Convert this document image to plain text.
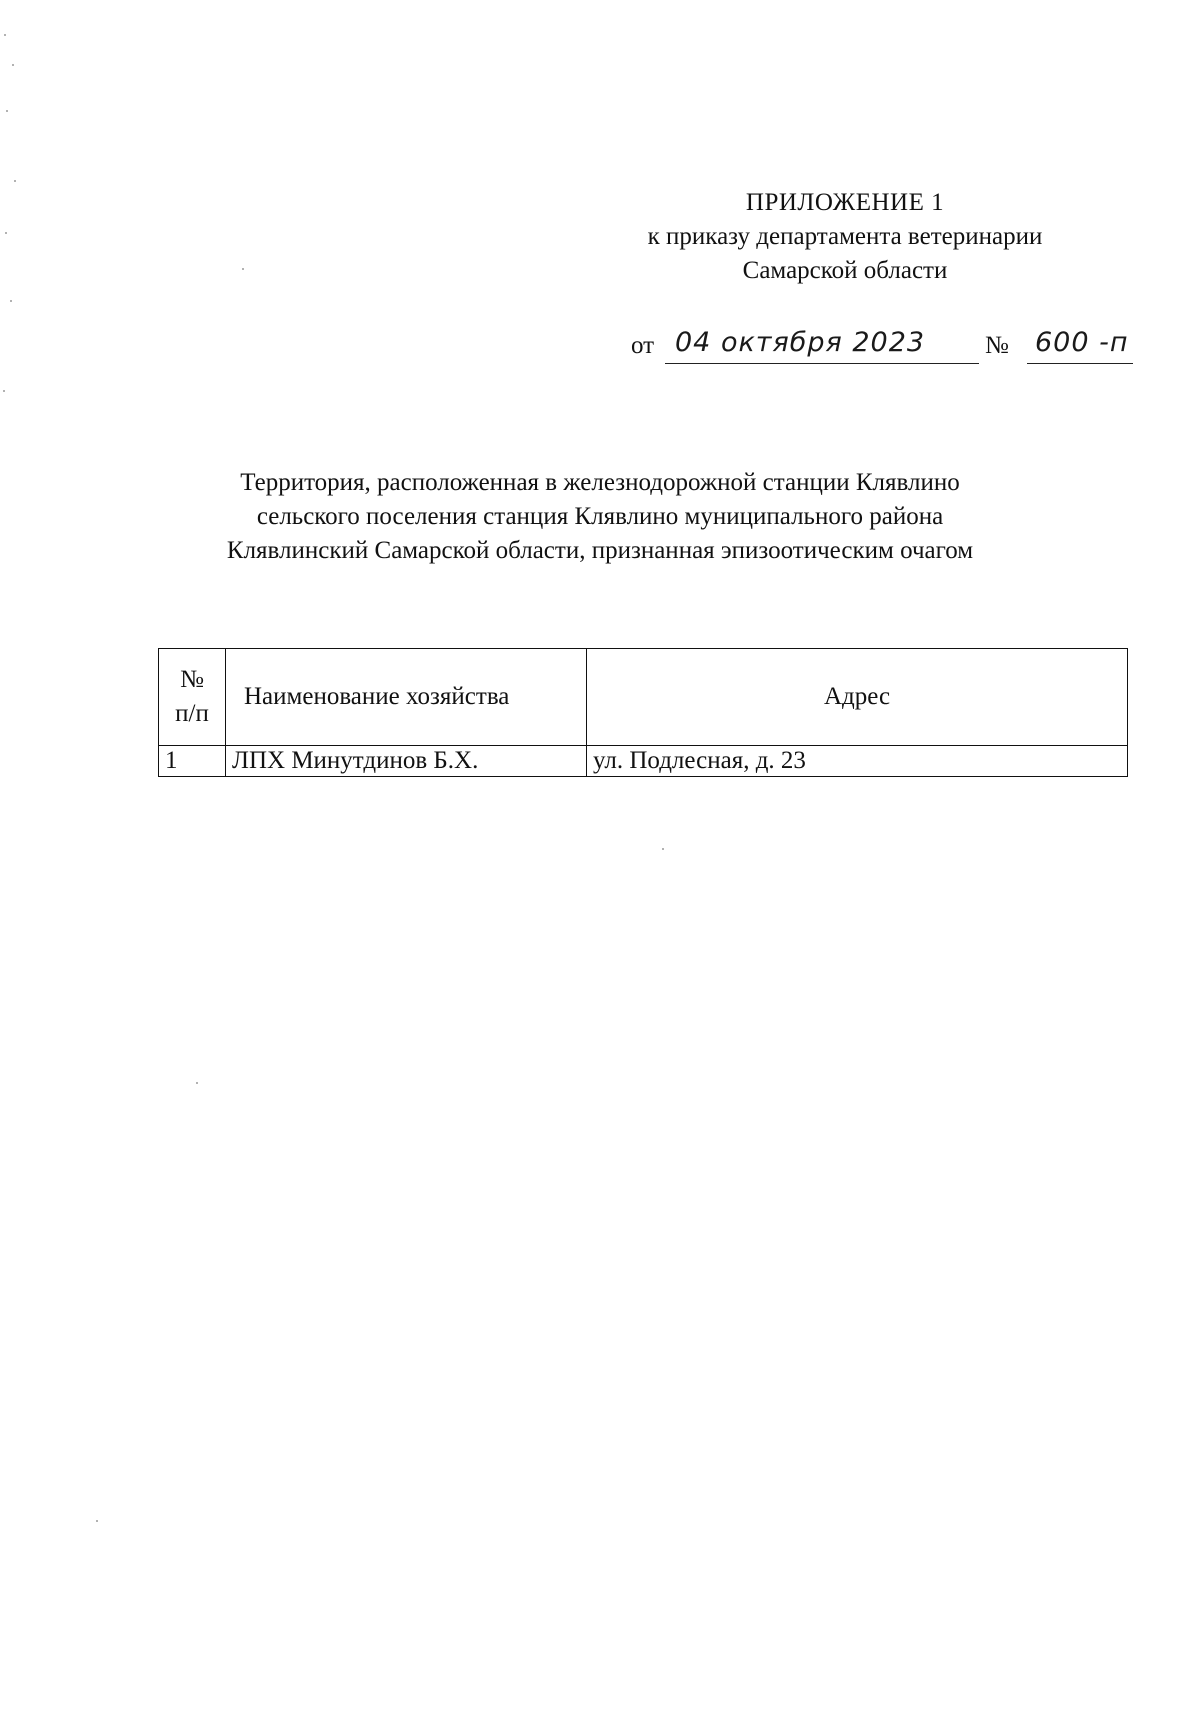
ПРИЛОЖЕНИЕ 1
к приказу департамента ветеринарии
Самарской области
от 04 октября 2023 № 600 -п
Территория, расположенная в железнодорожной станции Клявлино
сельского поселения станция Клявлино муниципального района
Клявлинский Самарской области, признанная эпизоотическим очагом
№
п/п	Наименование хозяйства	Адрес
1	ЛПХ Минутдинов Б.Х.	ул. Подлесная, д. 23
